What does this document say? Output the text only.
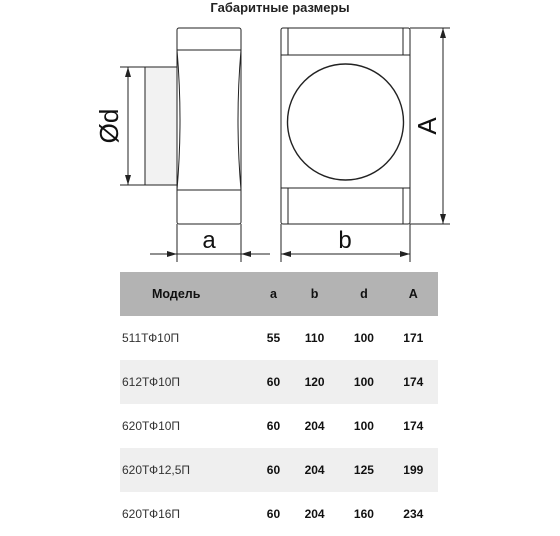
Габаритные размеры
Ød	A
a	b
Модель	a	b	d	A
511ТФ10П	55	110	100	171
612ТФ10П	60	120	100	174
620ТФ10П	60	204	100	174
620ТФ12,5П	60	204	125	199
620ТФ16П	60	204	160	234
